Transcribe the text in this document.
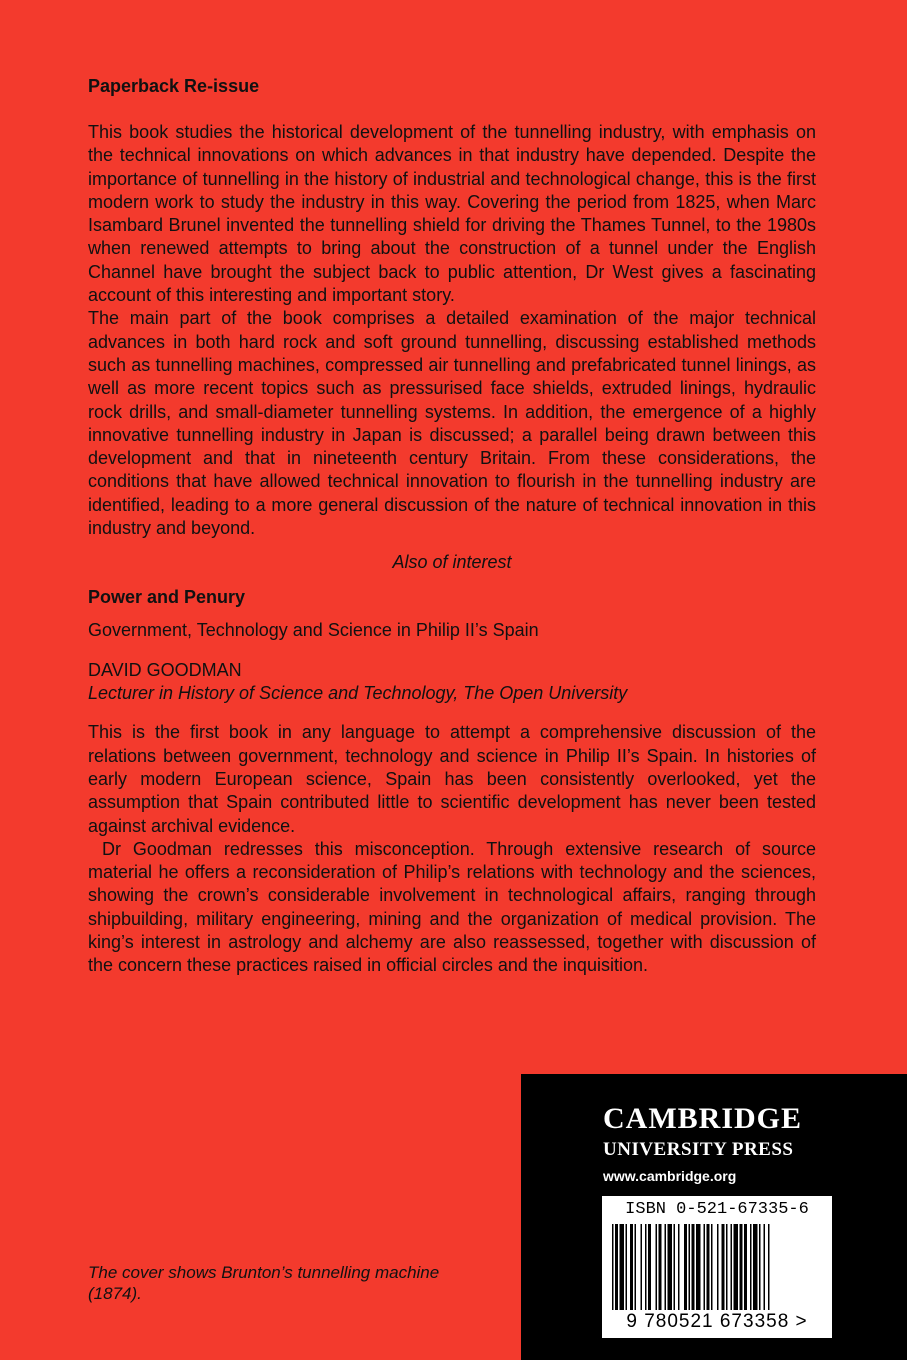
Paperback Re-issue

This book studies the historical development of the tunnelling industry, with emphasis on the technical innovations on which advances in that industry have depended. Despite the importance of tunnelling in the history of industrial and technological change, this is the first modern work to study the industry in this way. Covering the period from 1825, when Marc Isambard Brunel invented the tunnelling shield for driving the Thames Tunnel, to the 1980s when renewed attempts to bring about the construction of a tunnel under the English Channel have brought the subject back to public attention, Dr West gives a fascinating account of this interesting and important story.

The main part of the book comprises a detailed examination of the major technical advances in both hard rock and soft ground tunnelling, discussing established methods such as tunnelling machines, compressed air tunnelling and prefabricated tunnel linings, as well as more recent topics such as pressurised face shields, extruded linings, hydraulic rock drills, and small-diameter tunnelling systems. In addition, the emergence of a highly innovative tunnelling industry in Japan is discussed; a parallel being drawn between this development and that in nineteenth century Britain. From these considerations, the conditions that have allowed technical innovation to flourish in the tunnelling industry are identified, leading to a more general discussion of the nature of technical innovation in this industry and beyond.

Also of interest
Power and Penury
Government, Technology and Science in Philip II’s Spain
DAVID GOODMAN
Lecturer in History of Science and Technology, The Open University

This is the first book in any language to attempt a comprehensive discussion of the relations between government, technology and science in Philip II’s Spain. In histories of early modern European science, Spain has been consistently overlooked, yet the assumption that Spain contributed little to scientific development has never been tested against archival evidence.

Dr Goodman redresses this misconception. Through extensive research of source material he offers a reconsideration of Philip’s relations with technology and the sciences, showing the crown’s considerable involvement in technological affairs, ranging through shipbuilding, military engineering, mining and the organization of medical provision. The king’s interest in astrology and alchemy are also reassessed, together with discussion of the concern these practices raised in official circles and the inquisition.

The cover shows Brunton’s tunnelling machine (1874).
CAMBRIDGE
UNIVERSITY PRESS
www.cambridge.org
ISBN 0-521-67335-6
9 780521 673358 >
